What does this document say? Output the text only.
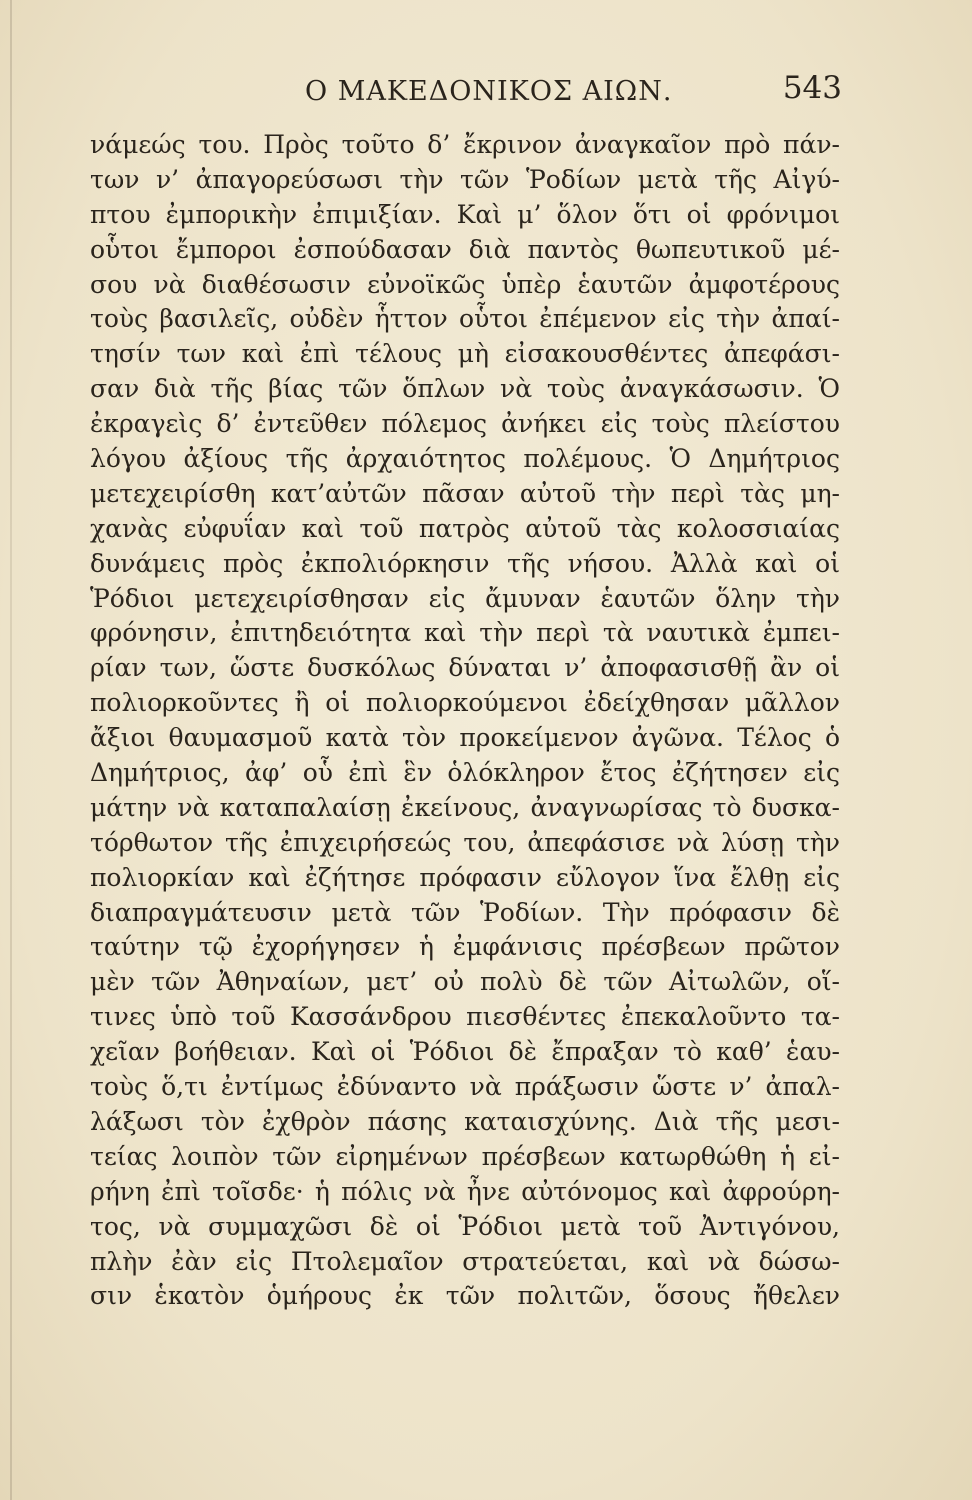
Ο ΜΑΚΕΔΟΝΙΚΟΣ ΑΙΩΝ.	543
νάμεώς του. Πρὸς τοῦτο δ’ ἔκρινον ἀναγκαῖον πρὸ πάν-
των ν’ ἀπαγορεύσωσι τὴν τῶν Ῥοδίων μετὰ τῆς Αἰγύ-
πτου ἐμπορικὴν ἐπιμιξίαν. Καὶ μ’ ὅλον ὅτι οἱ φρόνιμοι
οὗτοι ἔμποροι ἐσπούδασαν διὰ παντὸς θωπευτικοῦ μέ-
σου νὰ διαθέσωσιν εὐνοϊκῶς ὑπὲρ ἑαυτῶν ἀμφοτέρους
τοὺς βασιλεῖς, οὐδὲν ἧττον οὗτοι ἐπέμενον εἰς τὴν ἀπαί-
τησίν των καὶ ἐπὶ τέλους μὴ εἰσακουσθέντες ἀπεφάσι-
σαν διὰ τῆς βίας τῶν ὅπλων νὰ τοὺς ἀναγκάσωσιν. Ὁ
ἐκραγεὶς δ’ ἐντεῦθεν πόλεμος ἀνήκει εἰς τοὺς πλείστου
λόγου ἀξίους τῆς ἀρχαιότητος πολέμους. Ὁ Δημήτριος
μετεχειρίσθη κατ’αὐτῶν πᾶσαν αὐτοῦ τὴν περὶ τὰς μη-
χανὰς εὐφυΐαν καὶ τοῦ πατρὸς αὐτοῦ τὰς κολοσσιαίας
δυνάμεις πρὸς ἐκπολιόρκησιν τῆς νήσου. Ἀλλὰ καὶ οἱ
Ῥόδιοι μετεχειρίσθησαν εἰς ἄμυναν ἑαυτῶν ὅλην τὴν
φρόνησιν, ἐπιτηδειότητα καὶ τὴν περὶ τὰ ναυτικὰ ἐμπει-
ρίαν των, ὥστε δυσκόλως δύναται ν’ ἀποφασισθῇ ἂν οἱ
πολιορκοῦντες ἢ οἱ πολιορκούμενοι ἐδείχθησαν μᾶλλον
ἄξιοι θαυμασμοῦ κατὰ τὸν προκείμενον ἀγῶνα. Τέλος ὁ
Δημήτριος, ἀφ’ οὗ ἐπὶ ἓν ὁλόκληρον ἔτος ἐζήτησεν εἰς
μάτην νὰ καταπαλαίσῃ ἐκείνους, ἀναγνωρίσας τὸ δυσκα-
τόρθωτον τῆς ἐπιχειρήσεώς του, ἀπεφάσισε νὰ λύσῃ τὴν
πολιορκίαν καὶ ἐζήτησε πρόφασιν εὔλογον ἵνα ἔλθῃ εἰς
διαπραγμάτευσιν μετὰ τῶν Ῥοδίων. Τὴν πρόφασιν δὲ
ταύτην τῷ ἐχορήγησεν ἡ ἐμφάνισις πρέσβεων πρῶτον
μὲν τῶν Ἀθηναίων, μετ’ οὐ πολὺ δὲ τῶν Αἰτωλῶν, οἵ-
τινες ὑπὸ τοῦ Κασσάνδρου πιεσθέντες ἐπεκαλοῦντο τα-
χεῖαν βοήθειαν. Καὶ οἱ Ῥόδιοι δὲ ἔπραξαν τὸ καθ’ ἑαυ-
τοὺς ὅ,τι ἐντίμως ἐδύναντο νὰ πράξωσιν ὥστε ν’ ἀπαλ-
λάξωσι τὸν ἐχθρὸν πάσης καταισχύνης. Διὰ τῆς μεσι-
τείας λοιπὸν τῶν εἰρημένων πρέσβεων κατωρθώθη ἡ εἰ-
ρήνη ἐπὶ τοῖσδε· ἡ πόλις νὰ ἦνε αὐτόνομος καὶ ἀφρούρη-
τος, νὰ συμμαχῶσι δὲ οἱ Ῥόδιοι μετὰ τοῦ Ἀντιγόνου,
πλὴν ἐὰν εἰς Πτολεμαῖον στρατεύεται, καὶ νὰ δώσω-
σιν ἑκατὸν ὁμήρους ἐκ τῶν πολιτῶν, ὅσους ἤθελεν
